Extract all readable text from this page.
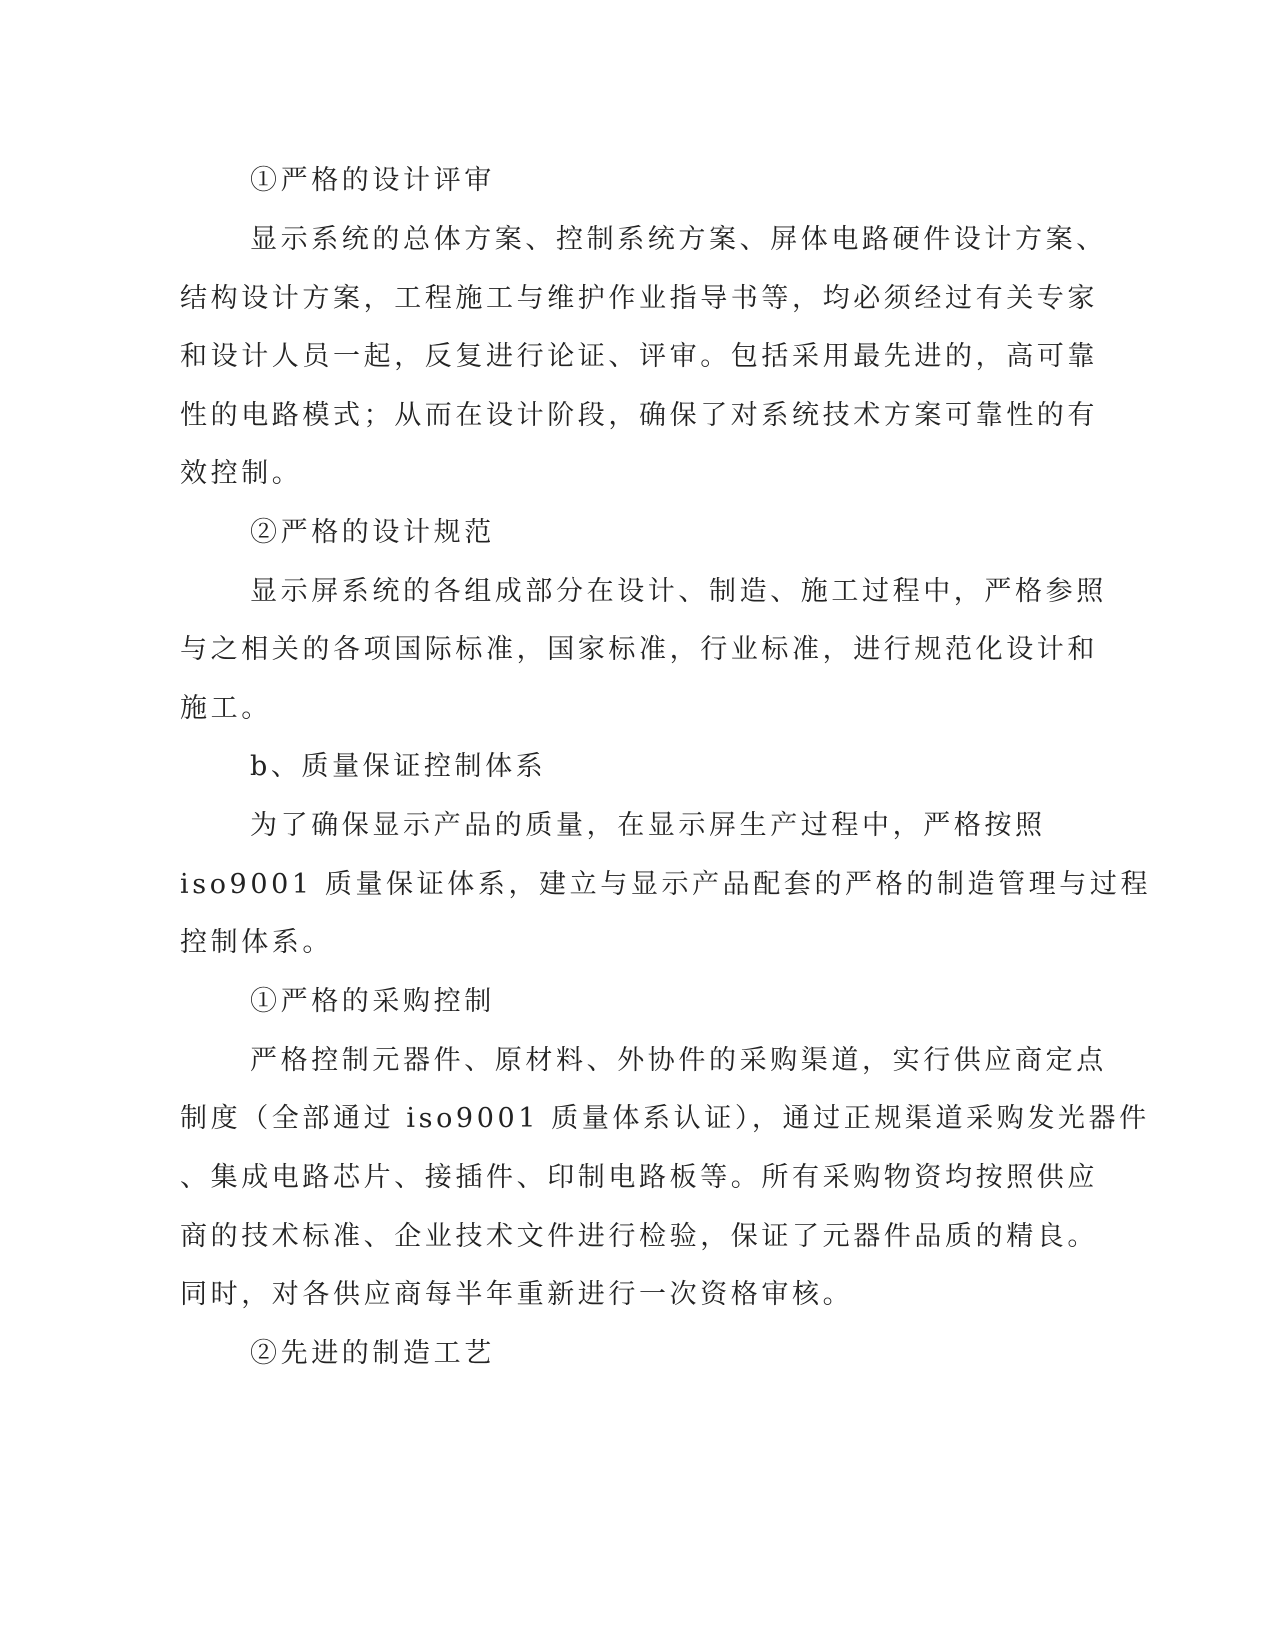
①严格的设计评审

显示系统的总体方案、控制系统方案、屏体电路硬件设计方案、

结构设计方案，工程施工与维护作业指导书等，均必须经过有关专家

和设计人员一起，反复进行论证、评审。包括采用最先进的，高可靠

性的电路模式；从而在设计阶段，确保了对系统技术方案可靠性的有

效控制。

②严格的设计规范

显示屏系统的各组成部分在设计、制造、施工过程中，严格参照

与之相关的各项国际标准，国家标准，行业标准，进行规范化设计和

施工。

b、质量保证控制体系

为了确保显示产品的质量，在显示屏生产过程中，严格按照

iso9001 质量保证体系，建立与显示产品配套的严格的制造管理与过程

控制体系。

①严格的采购控制

严格控制元器件、原材料、外协件的采购渠道，实行供应商定点

制度（全部通过 iso9001 质量体系认证），通过正规渠道采购发光器件

、集成电路芯片、接插件、印制电路板等。所有采购物资均按照供应

商的技术标准、企业技术文件进行检验，保证了元器件品质的精良。

同时，对各供应商每半年重新进行一次资格审核。

②先进的制造工艺
